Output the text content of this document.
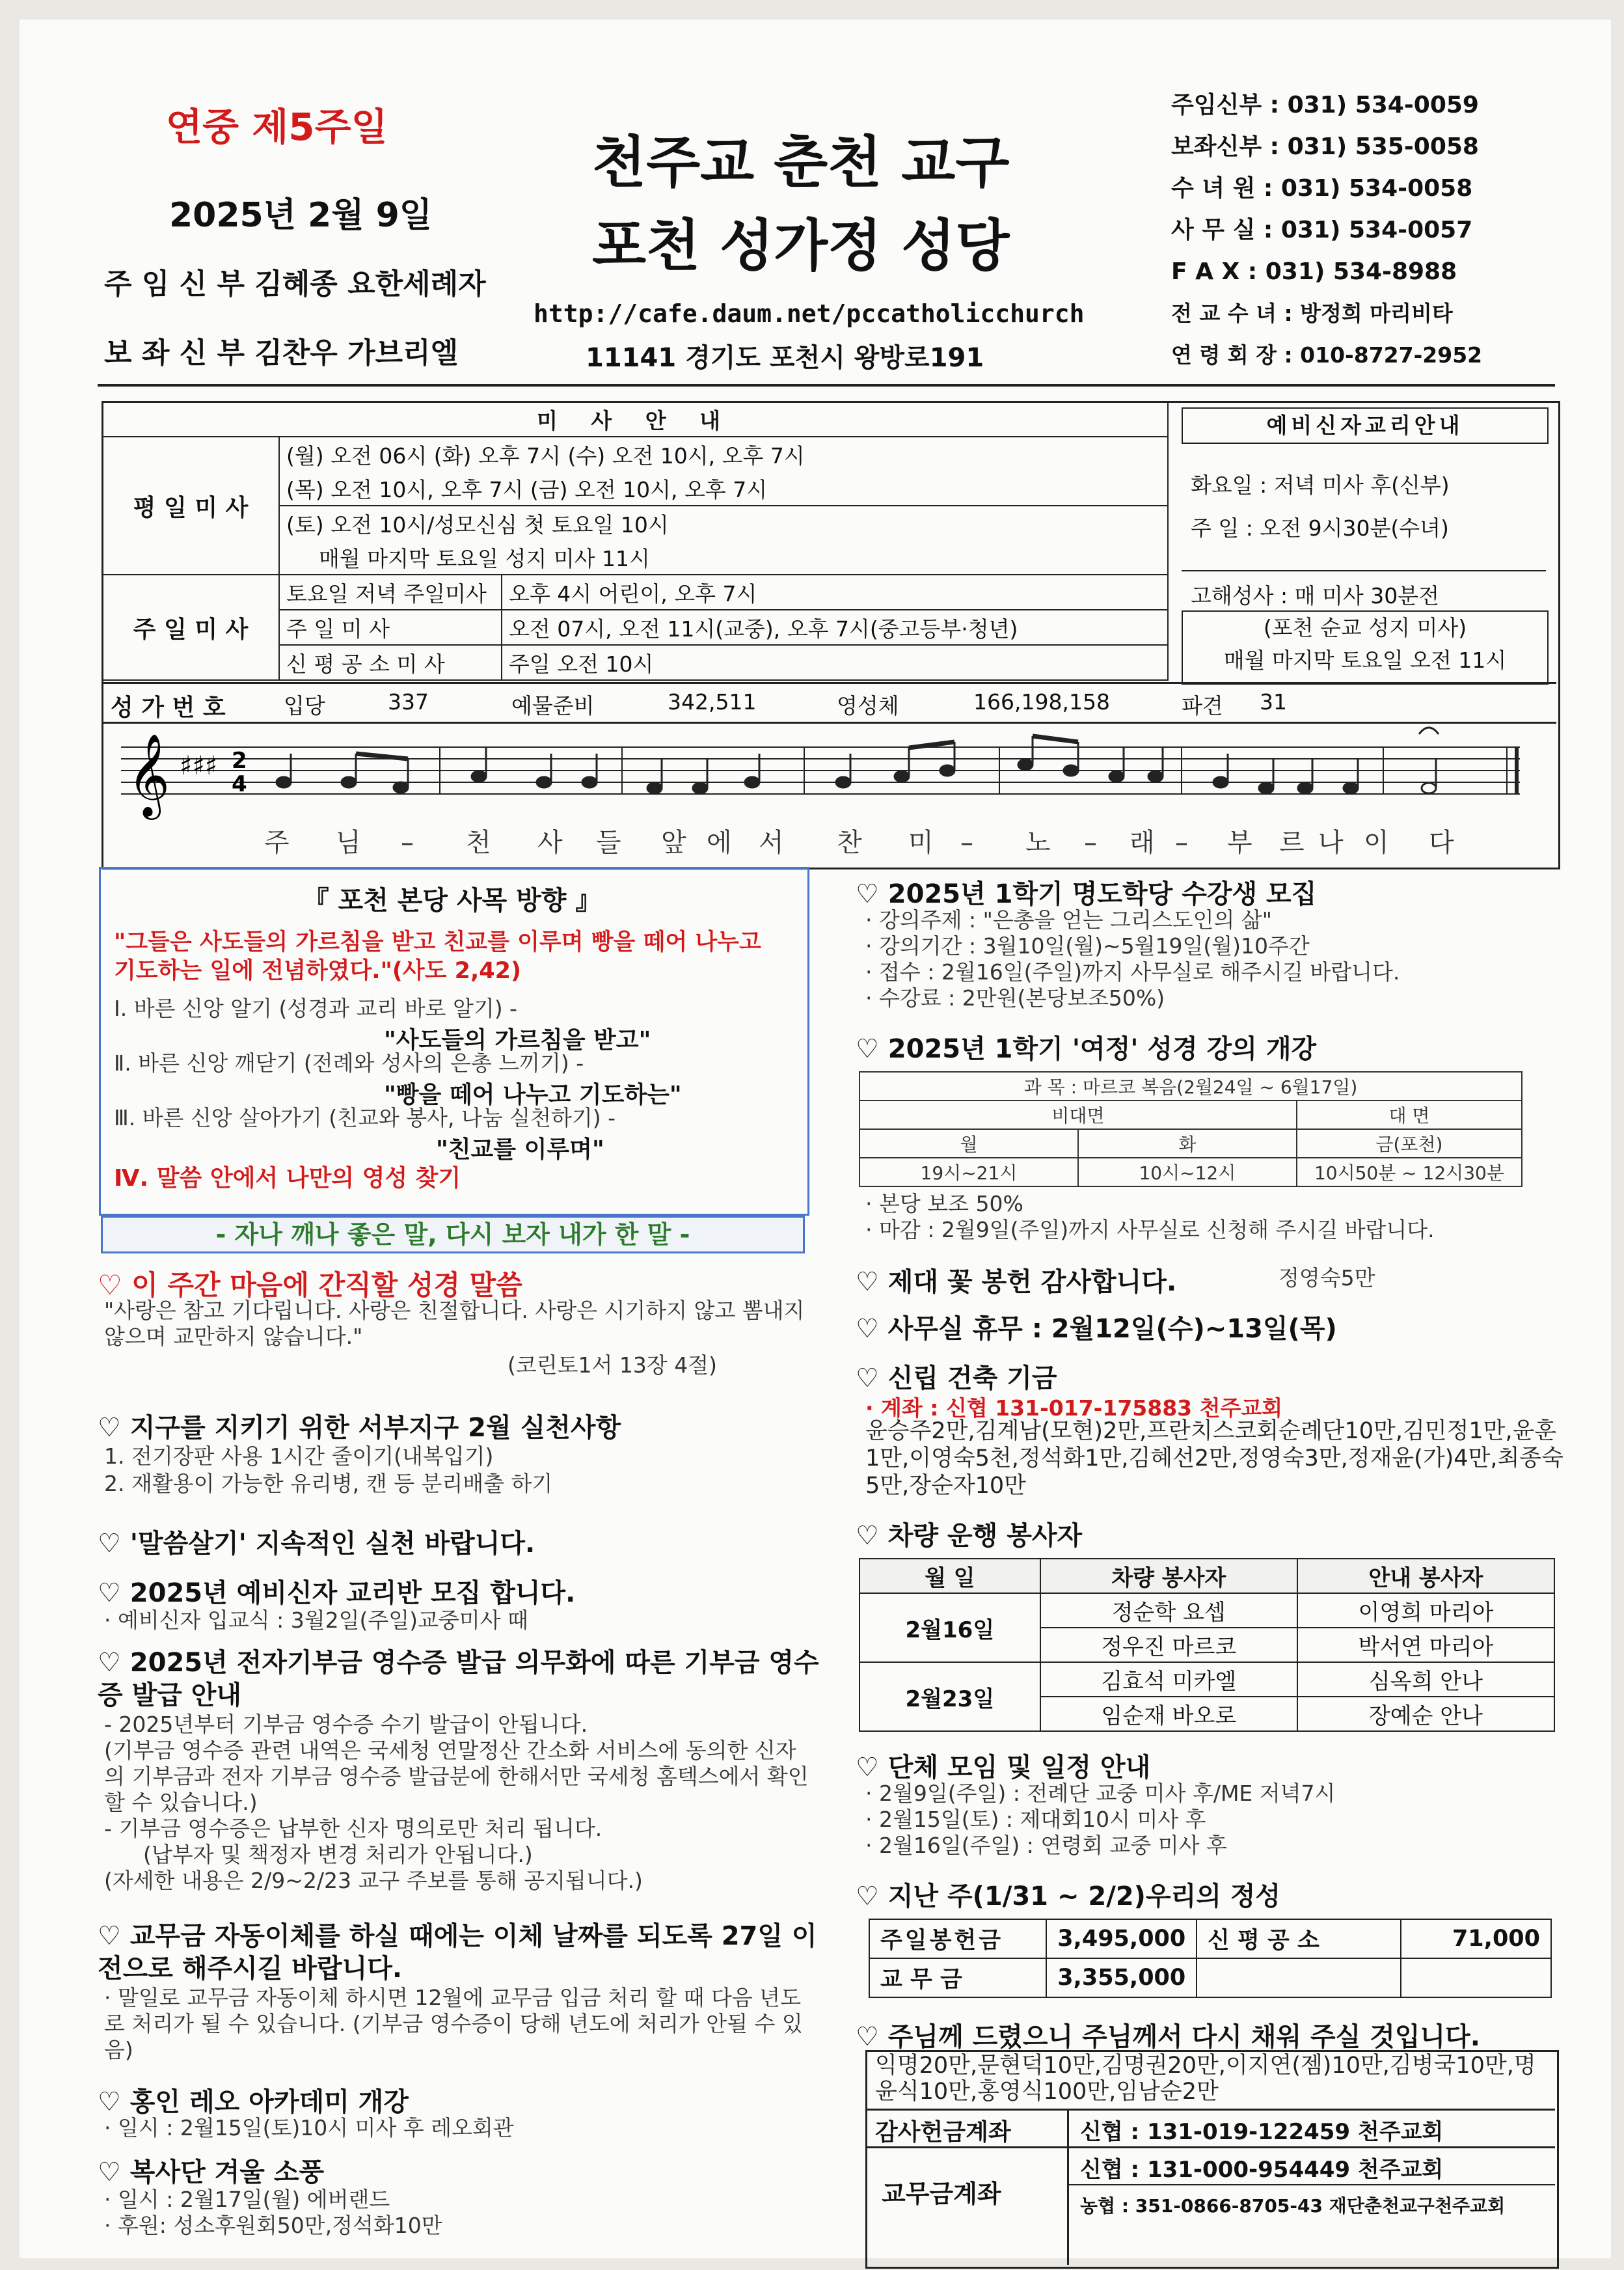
연중 제5주일
2025년 2월 9일
주 임 신 부 김혜종 요한세례자
보 좌 신 부 김찬우 가브리엘
천주교 춘천 교구
포천 성가정 성당
http://cafe.daum.net/pccatholicchurch
11141 경기도 포천시 왕방로191
주임신부 : 031) 534-0059
보좌신부 : 031) 535-0058
수 녀 원 : 031) 534-0058
사 무 실 : 031) 534-0057
F A X : 031) 534-8988
전 교 수 녀 : 방정희 마리비타
연 령 회 장 : 010-8727-2952
미 사 안 내		
평 일 미 사	(월) 오전 06시 (화) 오후 7시 (수) 오전 10시, 오후 7시	
	(목) 오전 10시, 오후 7시 (금) 오전 10시, 오후 7시	
	(토) 오전 10시/성모신심 첫 토요일 10시	
	매월 마지막 토요일 성지 미사 11시	
주 일 미 사	토요일 저녁 주일미사	오후 4시 어린이, 오후 7시
	주 일 미 사	오전 07시, 오전 11시(교중), 오후 7시(중고등부·청년)
	신 평 공 소 미 사	주일 오전 10시
예비신자교리안내
화요일 : 저녁 미사 후(신부)
주 일 : 오전 9시30분(수녀)
고해성사 : 매 미사 30분전
(포천 순교 성지 미사)
매월 마지막 토요일 오전 11시
성 가 번 호	입당	337	예물준비	342,511	영성체	166,198,158	파견 31
𝄞 ♯♯♯ 2
4
주 님 – 천 사 들 앞 에 서 찬 미 – 노 – 래 – 부 르 나 이 다
『 포천 본당 사목 방향 』
"그들은 사도들의 가르침을 받고 친교를 이루며 빵을 떼어 나누고 기도하는 일에 전념하였다."(사도 2,42)
Ⅰ. 바른 신앙 알기 (성경과 교리 바로 알기) -
"사도들의 가르침을 받고"
Ⅱ. 바른 신앙 깨닫기 (전례와 성사의 은총 느끼기) -
"빵을 떼어 나누고 기도하는"
Ⅲ. 바른 신앙 살아가기 (친교와 봉사, 나눔 실천하기) -
"친교를 이루며"
Ⅳ. 말씀 안에서 나만의 영성 찾기
- 자나 깨나 좋은 말, 다시 보자 내가 한 말 -
♡ 이 주간 마음에 간직할 성경 말씀
"사랑은 참고 기다립니다. 사랑은 친절합니다. 사랑은 시기하지 않고 뽐내지 않으며 교만하지 않습니다."
(코린토1서 13장 4절)
♡ 지구를 지키기 위한 서부지구 2월 실천사항
1. 전기장판 사용 1시간 줄이기(내복입기)
2. 재활용이 가능한 유리병, 캔 등 분리배출 하기
♡ '말씀살기' 지속적인 실천 바랍니다.
♡ 2025년 예비신자 교리반 모집 합니다.
· 예비신자 입교식 : 3월2일(주일)교중미사 때
♡ 2025년 전자기부금 영수증 발급 의무화에 따른 기부금 영수증 발급 안내
- 2025년부터 기부금 영수증 수기 발급이 안됩니다.
(기부금 영수증 관련 내역은 국세청 연말정산 간소화 서비스에 동의한 신자의 기부금과 전자 기부금 영수증 발급분에 한해서만 국세청 홈텍스에서 확인할 수 있습니다.)
- 기부금 영수증은 납부한 신자 명의로만 처리 됩니다.
(납부자 및 책정자 변경 처리가 안됩니다.)
(자세한 내용은 2/9~2/23 교구 주보를 통해 공지됩니다.)
♡ 교무금 자동이체를 하실 때에는 이체 날짜를 되도록 27일 이전으로 해주시길 바랍니다.
· 말일로 교무금 자동이체 하시면 12월에 교무금 입금 처리 할 때 다음 년도로 처리가 될 수 있습니다. (기부금 영수증이 당해 년도에 처리가 안될 수 있음)
♡ 홍인 레오 아카데미 개강
· 일시 : 2월15일(토)10시 미사 후 레오회관
♡ 복사단 겨울 소풍
· 일시 : 2월17일(월) 에버랜드
· 후원: 성소후원회50만,정석화10만
♡ 2025년 1학기 명도학당 수강생 모집
· 강의주제 : "은총을 얻는 그리스도인의 삶"
· 강의기간 : 3월10일(월)~5월19일(월)10주간
· 접수 : 2월16일(주일)까지 사무실로 해주시길 바랍니다.
· 수강료 : 2만원(본당보조50%)
♡ 2025년 1학기 '여정' 성경 강의 개강
과 목 : 마르코 복음(2월24일 ~ 6월17일)		
비대면		대 면
월	화	금(포천)
19시~21시	10시~12시	10시50분 ~ 12시30분
· 본당 보조 50%
· 마감 : 2월9일(주일)까지 사무실로 신청해 주시길 바랍니다.
♡ 제대 꽃 봉헌 감사합니다.	정영숙5만
♡ 사무실 휴무 : 2월12일(수)~13일(목)
♡ 신립 건축 기금
· 계좌 : 신협 131-017-175883 천주교회
윤승주2만,김계남(모현)2만,프란치스코회순례단10만,김민정1만,윤훈1만,이영숙5천,정석화1만,김혜선2만,정영숙3만,정재윤(가)4만,최종숙5만,장순자10만
♡ 차량 운행 봉사자
월 일	차량 봉사자	안내 봉사자
2월16일	정순학 요셉	이영희 마리아
	정우진 마르코	박서연 마리아
2월23일	김효석 미카엘	심옥희 안나
	임순재 바오로	장예순 안나
♡ 단체 모임 및 일정 안내
· 2월9일(주일) : 전례단 교중 미사 후/ME 저녁7시
· 2월15일(토) : 제대회10시 미사 후
· 2월16일(주일) : 연령회 교중 미사 후
♡ 지난 주(1/31 ~ 2/2)우리의 정성
주일봉헌금	3,495,000	신 평 공 소	71,000
교 무 금	3,355,000		
♡ 주님께 드렸으니 주님께서 다시 채워 주실 것입니다.
익명20만,문현덕10만,김명권20만,이지연(젬)10만,김병국10만,명윤식10만,홍영식100만,임남순2만
감사헌금계좌	신협 : 131-019-122459 천주교회
교무금계좌
신협 : 131-000-954449 천주교회
농협 : 351-0866-8705-43 재단춘천교구천주교회
